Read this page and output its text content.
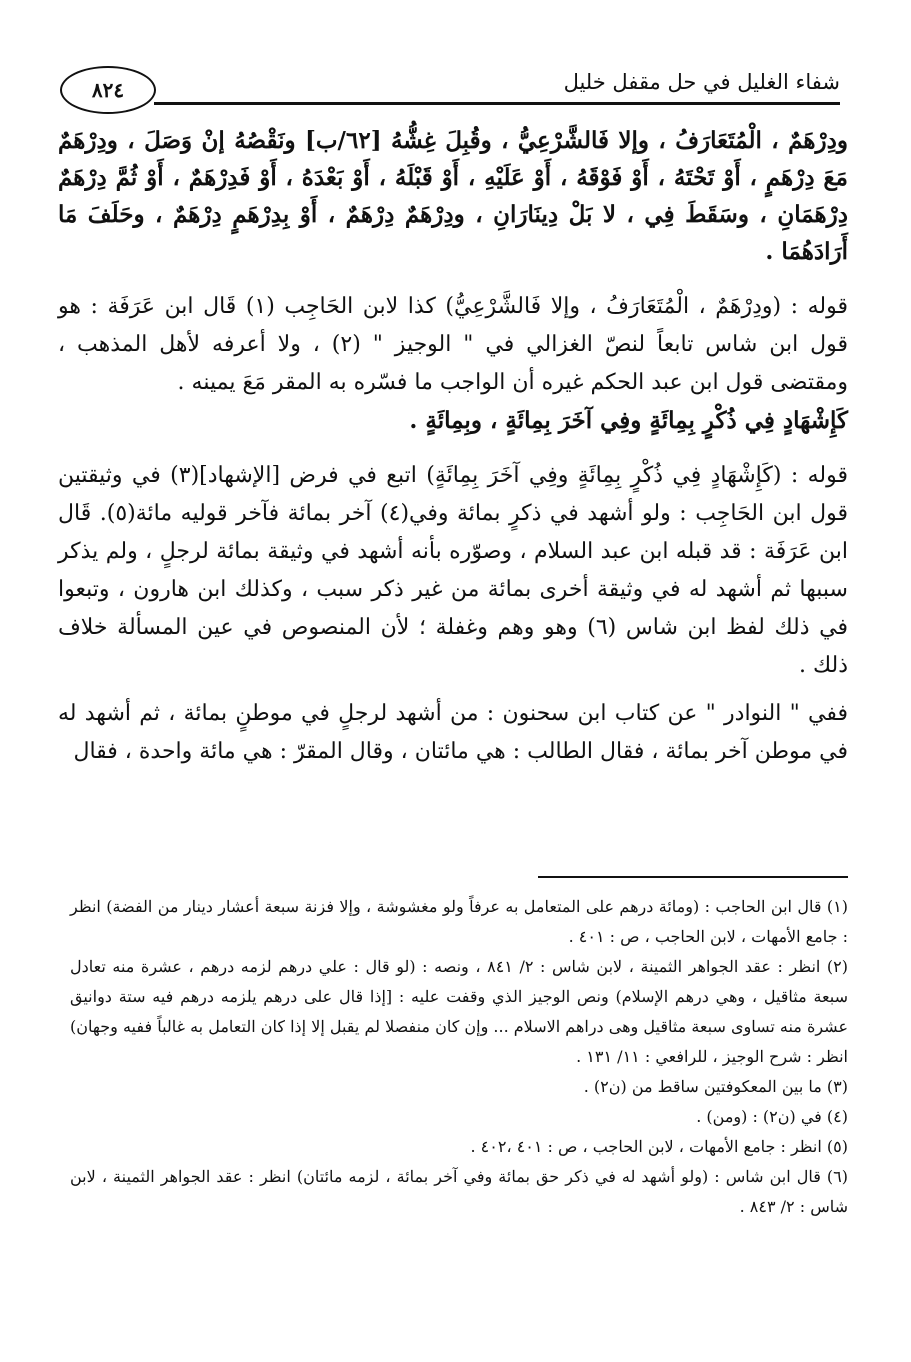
٨٢٤	شفاء الغليل في حل مقفل خليل

ودِرْهَمٌ ، الْمُتَعَارَفُ ، وإلا فَالشَّرْعِيُّ ، وقُبِلَ غِشُّهُ [٦٢/ب] ونَقْصُهُ إنْ وَصَلَ ، ودِرْهَمٌ مَعَ دِرْهَمٍ ، أَوْ تَحْتَهُ ، أَوْ فَوْقَهُ ، أَوْ عَلَيْهِ ، أَوْ قَبْلَهُ ، أَوْ بَعْدَهُ ، أَوْ فَدِرْهَمٌ ، أَوْ ثُمَّ دِرْهَمٌ دِرْهَمَانِ ، وسَقَطَ فِي ، لا بَلْ دِينَارَانِ ، ودِرْهَمٌ دِرْهَمٌ ، أَوْ بِدِرْهَمٍ دِرْهَمٌ ، وحَلَفَ مَا أَرَادَهُمَا .

قوله : (ودِرْهَمٌ ، الْمُتَعَارَفُ ، وإلا فَالشَّرْعِيُّ) كذا لابن الحَاجِب (١) قَال ابن عَرَفَة : هو قول ابن شاس تابعاً لنصّ الغزالي في " الوجيز " (٢) ، ولا أعرفه لأهل المذهب ، ومقتضى قول ابن عبد الحكم غيره أن الواجب ما فسّره به المقر مَعَ يمينه .

كَإِشْهَادٍ فِي ذُكْرٍ بِمِائَةٍ وفِي آخَرَ بِمِائَةٍ ، وبِمِائَةٍ .

قوله : (كَإِشْهَادٍ فِي ذُكْرٍ بِمِائَةٍ وفِي آخَرَ بِمِائَةٍ) اتبع في فرض [الإشهاد](٣) في وثيقتين قول ابن الحَاجِب : ولو أشهد في ذكرٍ بمائة وفي(٤) آخر بمائة فآخر قوليه مائة(٥). قَال ابن عَرَفَة : قد قبله ابن عبد السلام ، وصوّره بأنه أشهد في وثيقة بمائة لرجلٍ ، ولم يذكر سببها ثم أشهد له في وثيقة أخرى بمائة من غير ذكر سبب ، وكذلك ابن هارون ، وتبعوا في ذلك لفظ ابن شاس (٦) وهو وهم وغفلة ؛ لأن المنصوص في عين المسألة خلاف ذلك .

ففي " النوادر " عن كتاب ابن سحنون : من أشهد لرجلٍ في موطنٍ بمائة ، ثم أشهد له في موطن آخر بمائة ، فقال الطالب : هي مائتان ، وقال المقرّ : هي مائة واحدة ، فقال

(١) قال ابن الحاجب : (ومائة درهم على المتعامل به عرفاً ولو مغشوشة ، وإلا فزنة سبعة أعشار دينار من الفضة) انظر : جامع الأمهات ، لابن الحاجب ، ص : ٤٠١ .

(٢) انظر : عقد الجواهر الثمينة ، لابن شاس : ٢/ ٨٤١ ، ونصه : (لو قال : علي درهم لزمه درهم ، عشرة منه تعادل سبعة مثاقيل ، وهي درهم الإسلام) ونص الوجيز الذي وقفت عليه : [إذا قال على درهم يلزمه درهم فيه ستة دوانيق عشرة منه تساوى سبعة مثاقيل وهى دراهم الاسلام ... وإن كان منفصلا لم يقبل إلا إذا كان التعامل به غالباً ففيه وجهان) انظر : شرح الوجيز ، للرافعي : ١١/ ١٣١ .

(٣) ما بين المعكوفتين ساقط من (ن٢) .

(٤) في (ن٢) : (ومن) .

(٥) انظر : جامع الأمهات ، لابن الحاجب ، ص : ٤٠١ ،٤٠٢ .

(٦) قال ابن شاس : (ولو أشهد له في ذكر حق بمائة وفي آخر بمائة ، لزمه مائتان) انظر : عقد الجواهر الثمينة ، لابن شاس : ٢/ ٨٤٣ .
